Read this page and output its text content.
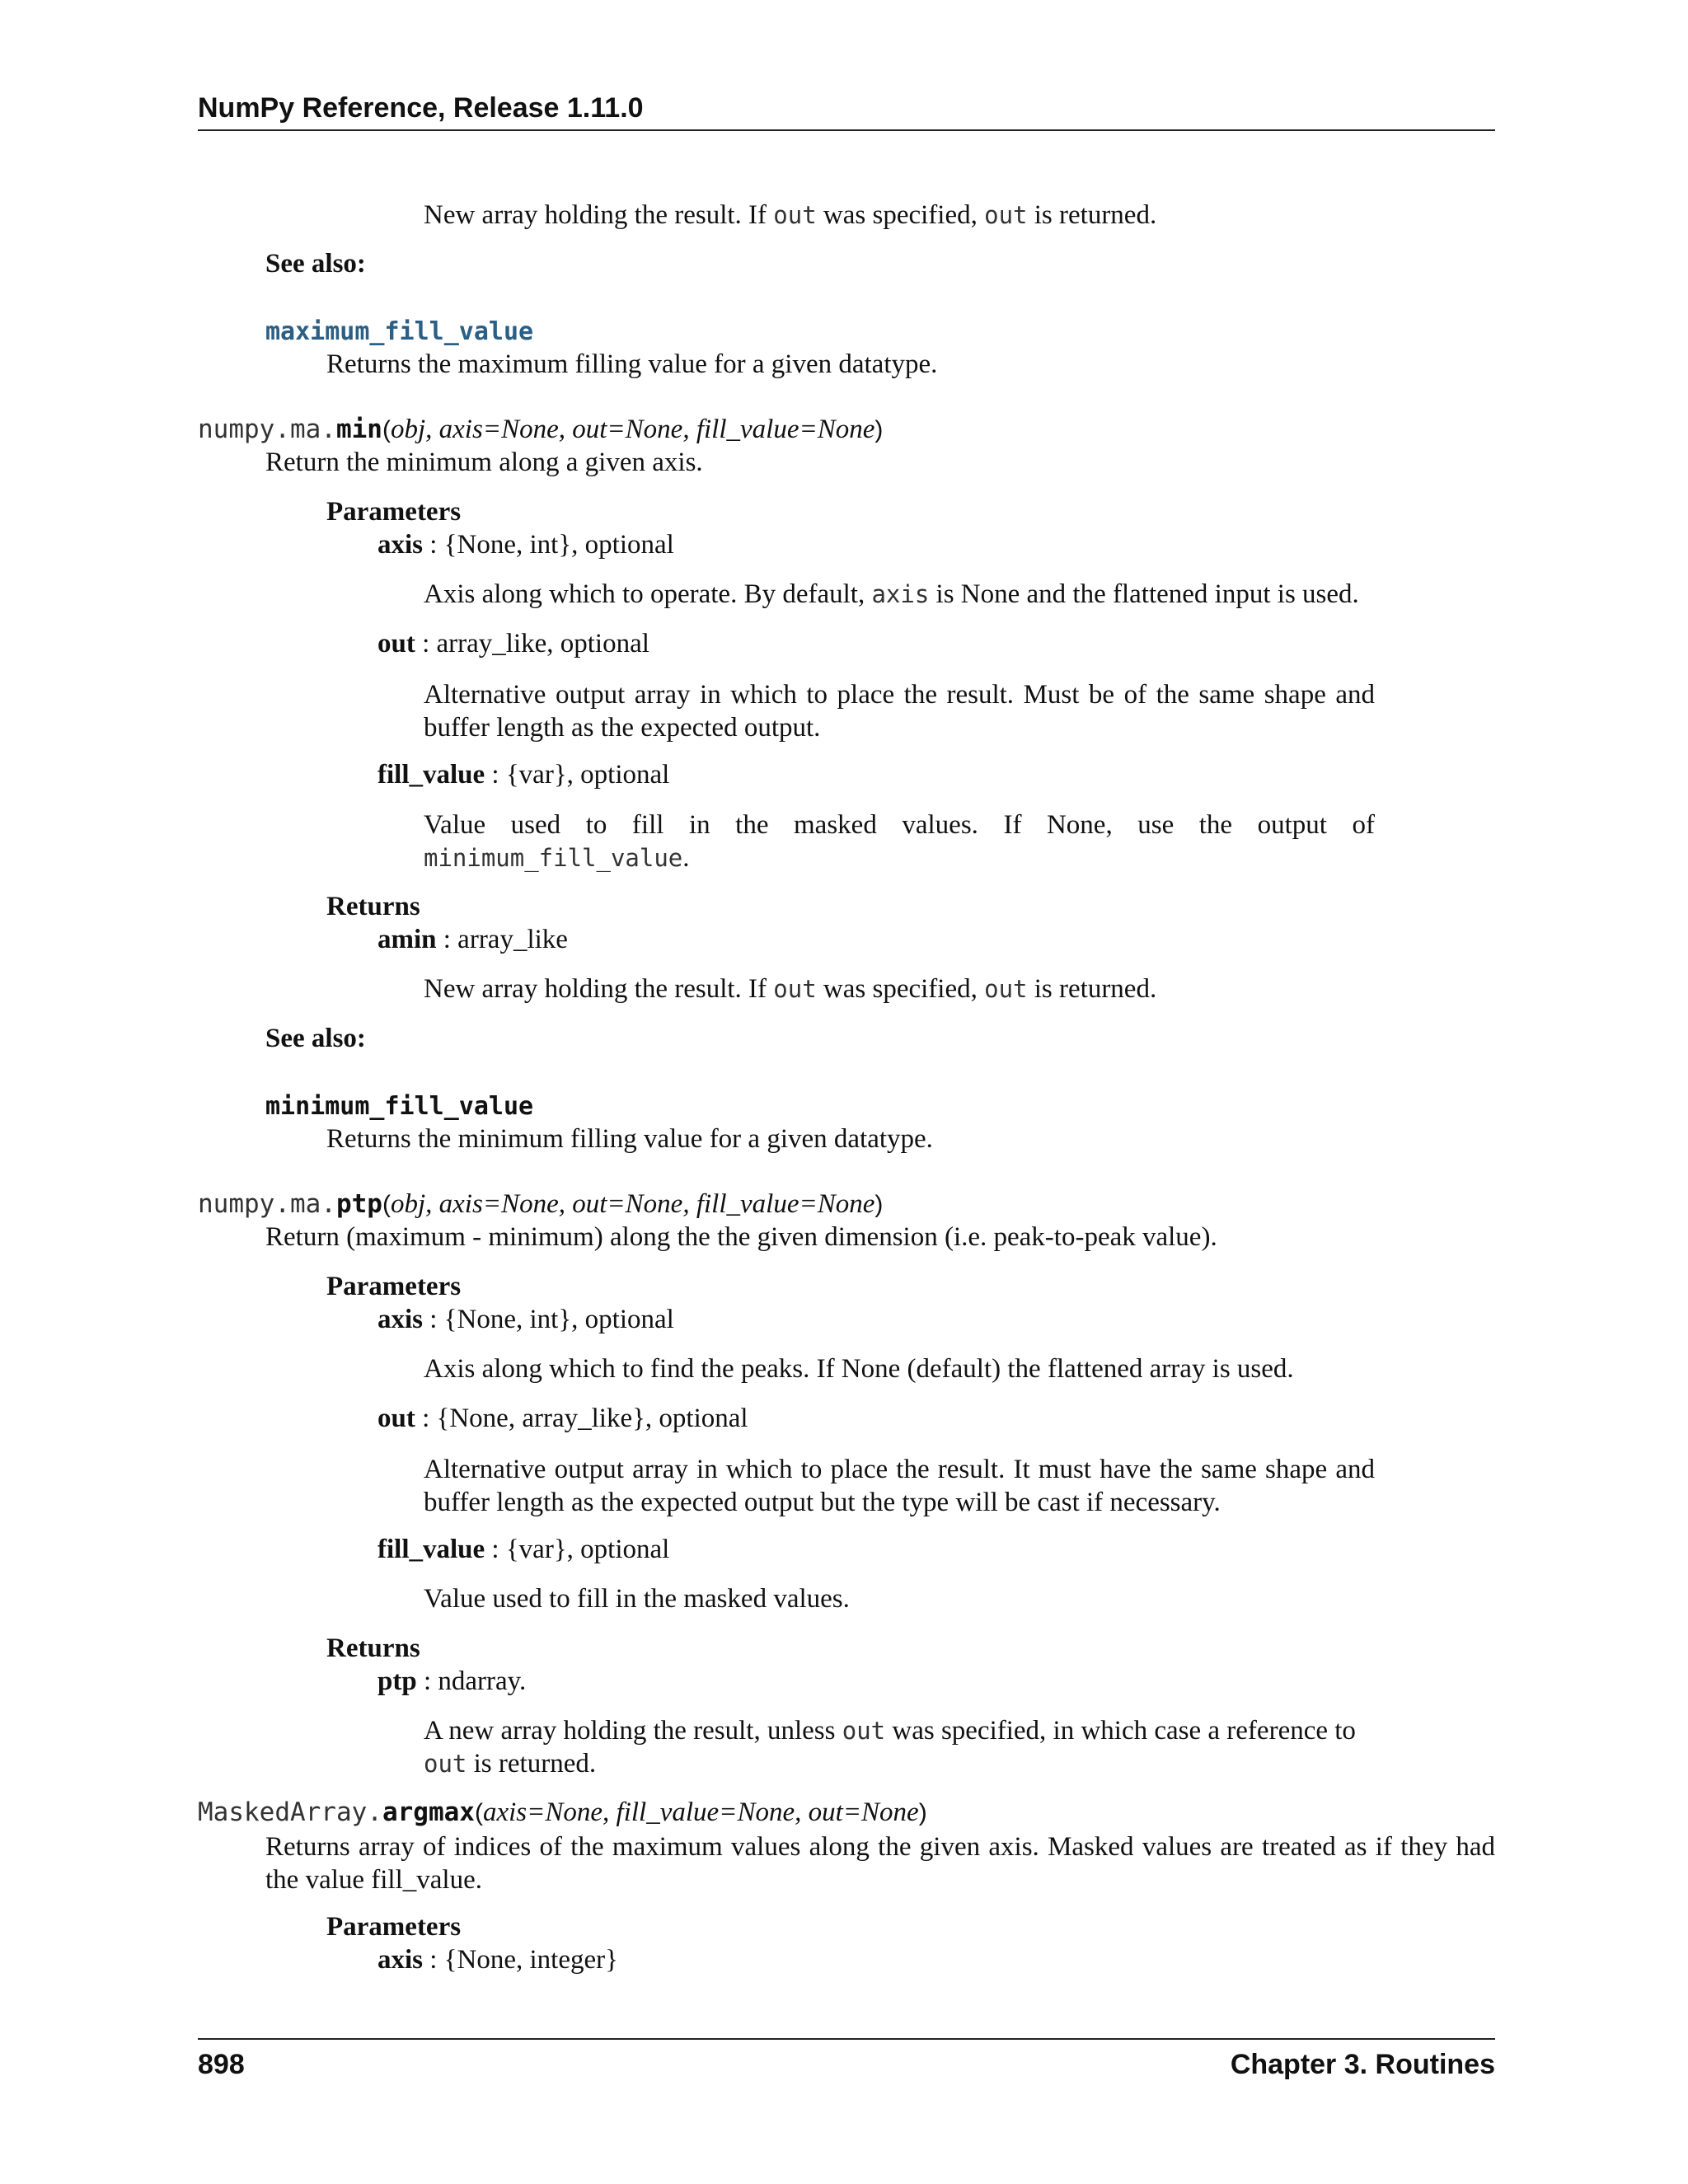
NumPy Reference, Release 1.11.0
New array holding the result. If out was specified, out is returned.
See also:
maximum_fill_value
Returns the maximum filling value for a given datatype.
numpy.ma.min(obj, axis=None, out=None, fill_value=None)
Return the minimum along a given axis.
Parameters
axis : {None, int}, optional
Axis along which to operate. By default, axis is None and the flattened input is used.
out : array_like, optional
Alternative output array in which to place the result. Must be of the same shape and buffer length as the expected output.
fill_value : {var}, optional
Value used to fill in the masked values. If None, use the output of
minimum_fill_value.
Returns
amin : array_like
New array holding the result. If out was specified, out is returned.
See also:
minimum_fill_value
Returns the minimum filling value for a given datatype.
numpy.ma.ptp(obj, axis=None, out=None, fill_value=None)
Return (maximum - minimum) along the the given dimension (i.e. peak-to-peak value).
Parameters
axis : {None, int}, optional
Axis along which to find the peaks. If None (default) the flattened array is used.
out : {None, array_like}, optional
Alternative output array in which to place the result. It must have the same shape and buffer length as the expected output but the type will be cast if necessary.
fill_value : {var}, optional
Value used to fill in the masked values.
Returns
ptp : ndarray.
A new array holding the result, unless out was specified, in which case a reference to
out is returned.
MaskedArray.argmax(axis=None, fill_value=None, out=None)
Returns array of indices of the maximum values along the given axis. Masked values are treated as if they had the value fill_value.
Parameters
axis : {None, integer}
898	Chapter 3. Routines
